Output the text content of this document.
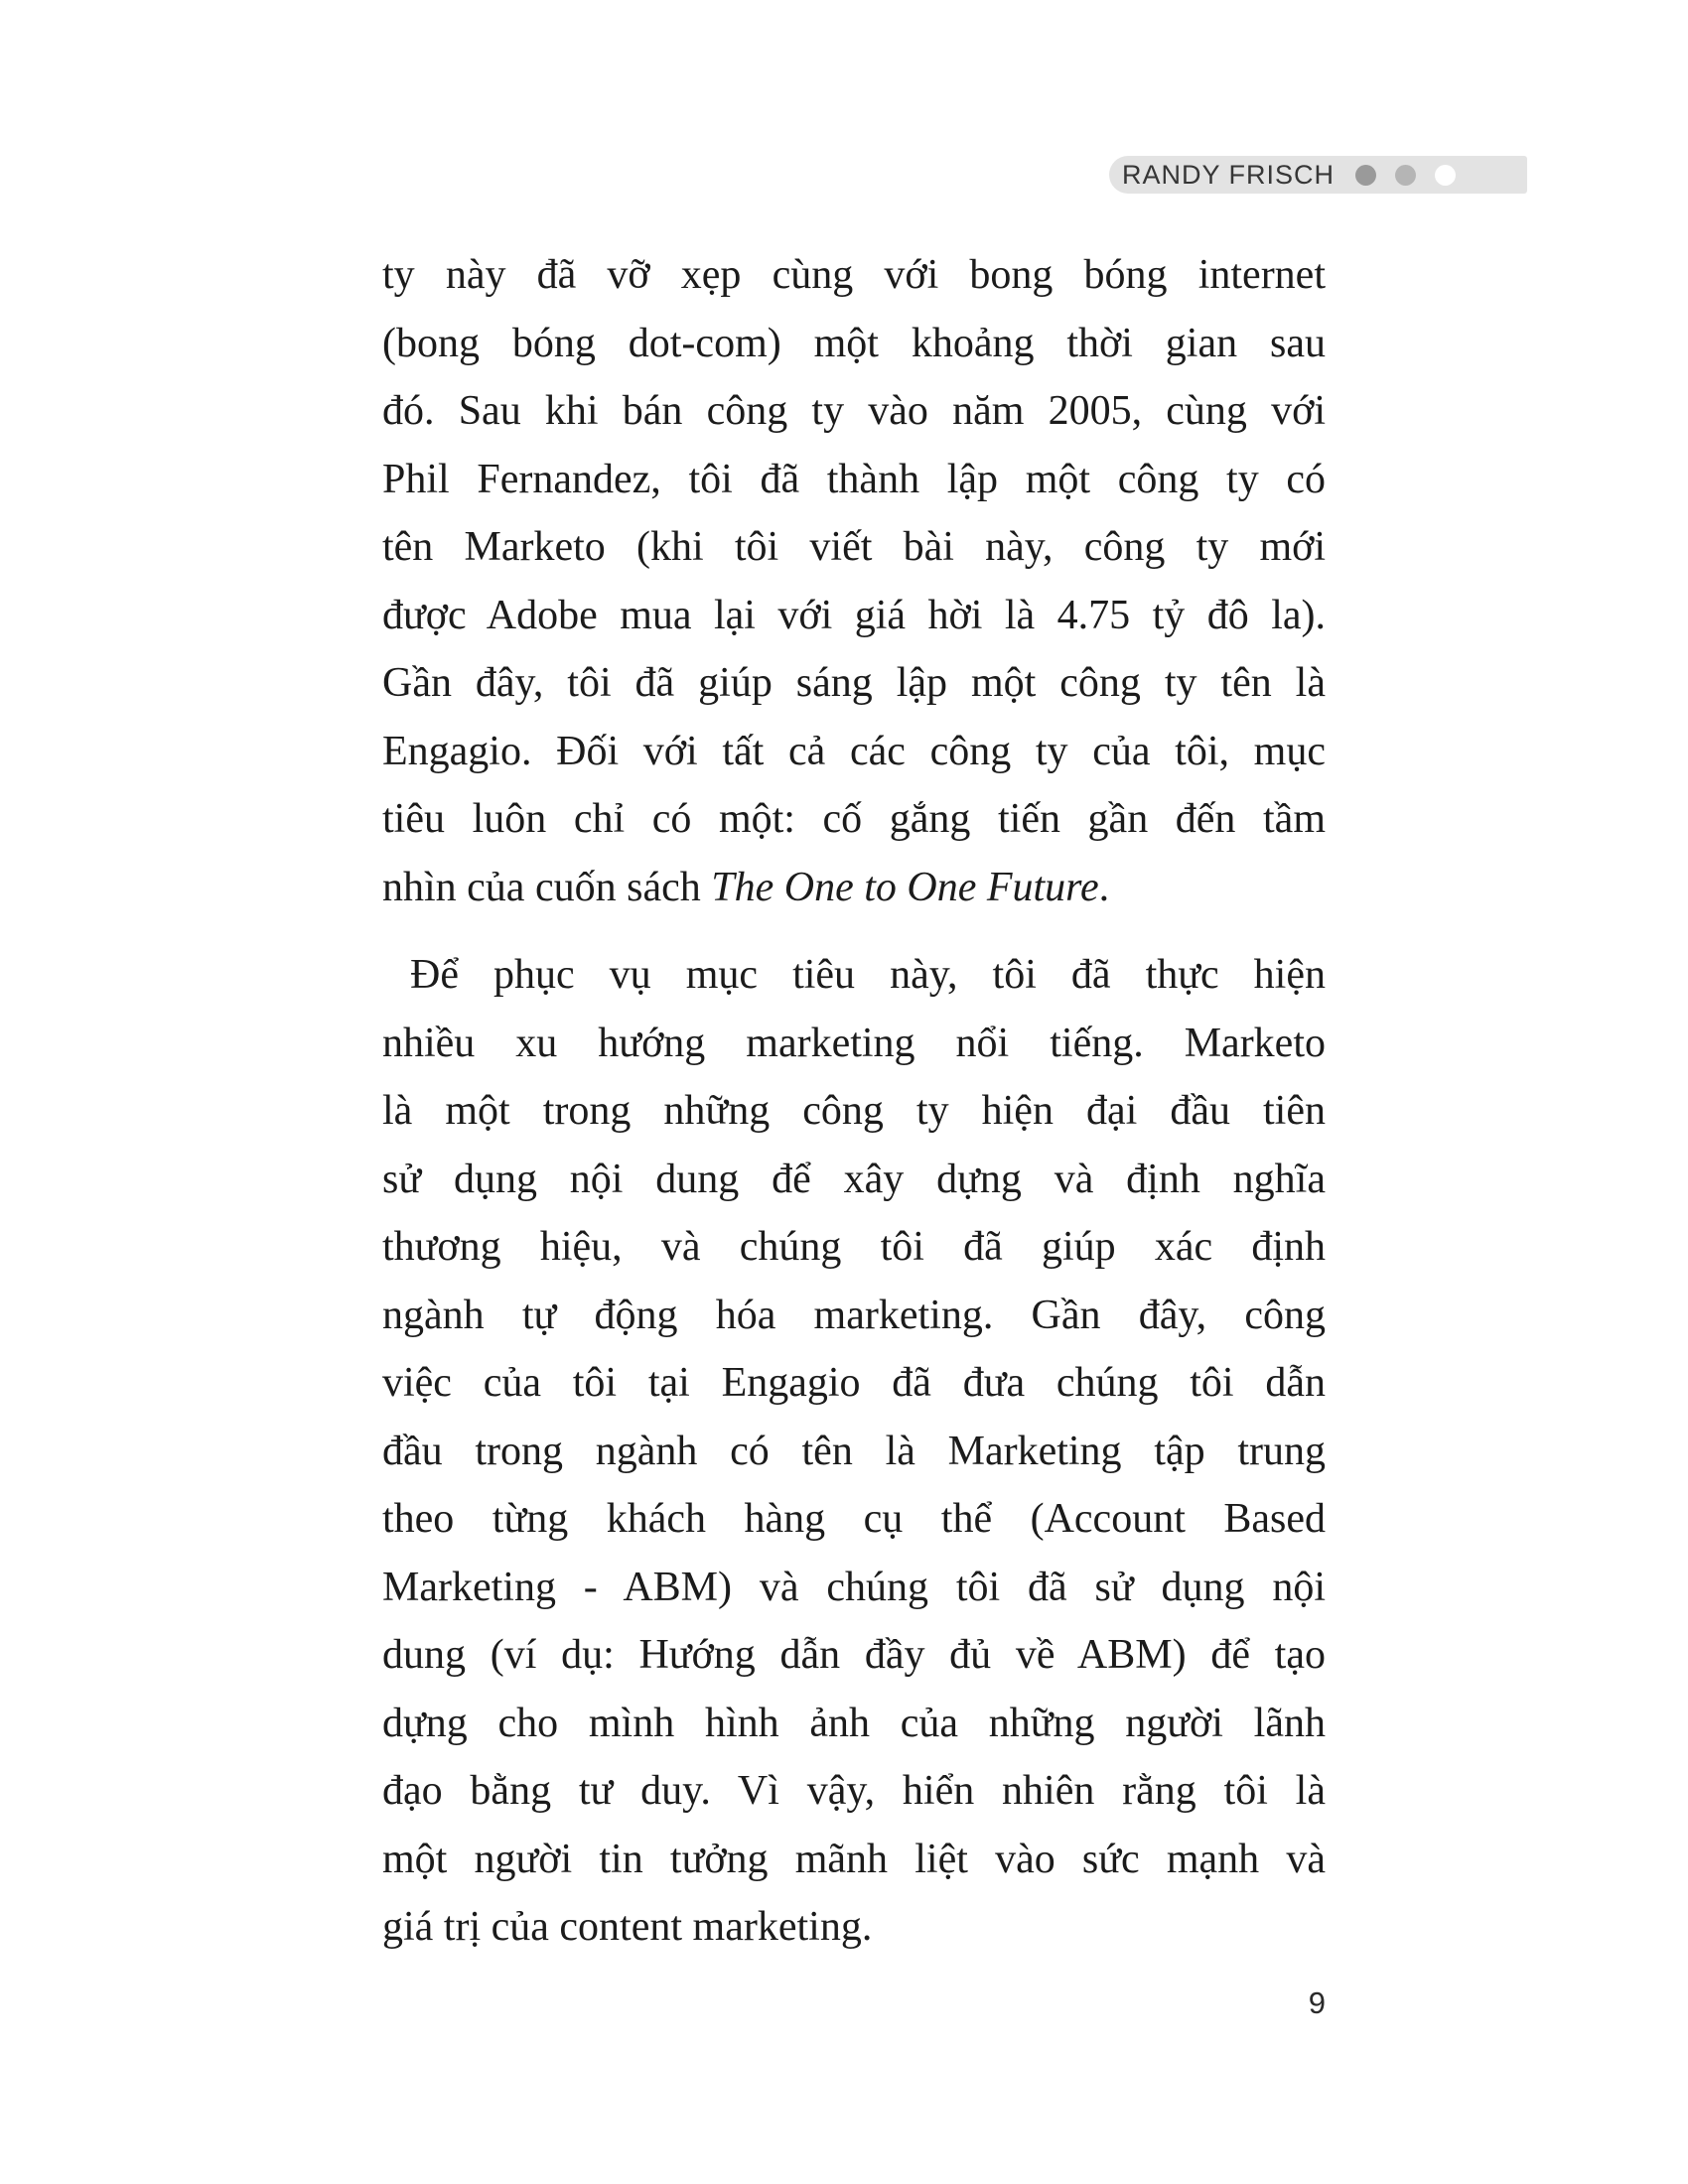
RANDY FRISCH
ty này đã vỡ xẹp cùng với bong bóng internet
(bong bóng dot-com) một khoảng thời gian sau
đó. Sau khi bán công ty vào năm 2005, cùng với
Phil Fernandez, tôi đã thành lập một công ty có
tên Marketo (khi tôi viết bài này, công ty mới
được Adobe mua lại với giá hời là 4.75 tỷ đô la).
Gần đây, tôi đã giúp sáng lập một công ty tên là
Engagio. Đối với tất cả các công ty của tôi, mục
tiêu luôn chỉ có một: cố gắng tiến gần đến tầm
nhìn của cuốn sách The One to One Future.
Để phục vụ mục tiêu này, tôi đã thực hiện
nhiều xu hướng marketing nổi tiếng. Marketo
là một trong những công ty hiện đại đầu tiên
sử dụng nội dung để xây dựng và định nghĩa
thương hiệu, và chúng tôi đã giúp xác định
ngành tự động hóa marketing. Gần đây, công
việc của tôi tại Engagio đã đưa chúng tôi dẫn
đầu trong ngành có tên là Marketing tập trung
theo từng khách hàng cụ thể (Account Based
Marketing - ABM) và chúng tôi đã sử dụng nội
dung (ví dụ: Hướng dẫn đầy đủ về ABM) để tạo
dựng cho mình hình ảnh của những người lãnh
đạo bằng tư duy. Vì vậy, hiển nhiên rằng tôi là
một người tin tưởng mãnh liệt vào sức mạnh và
giá trị của content marketing.
9
